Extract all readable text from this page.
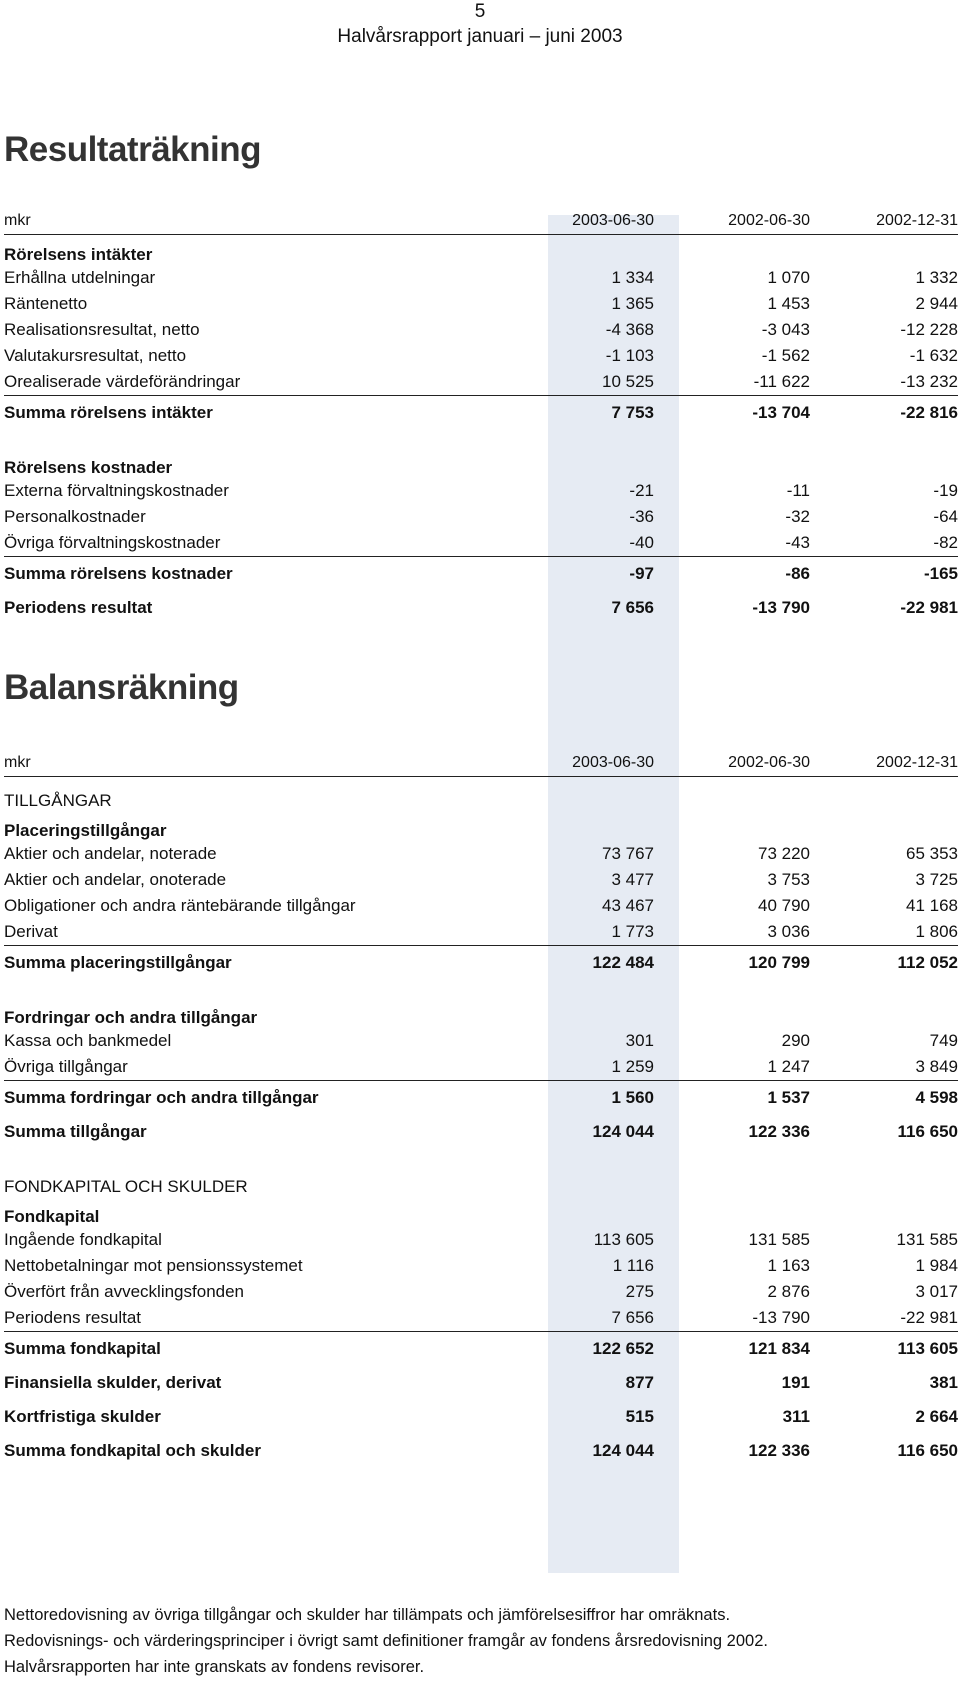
5
Halvårsrapport januari – juni 2003
Resultaträkning
mkr	2003-06-30	2002-06-30	2002-12-31
Rörelsens intäkter			
Erhållna utdelningar	1 334	1 070	1 332
Räntenetto	1 365	1 453	2 944
Realisationsresultat, netto	-4 368	-3 043	-12 228
Valutakursresultat, netto	-1 103	-1 562	-1 632
Orealiserade värdeförändringar	10 525	-11 622	-13 232
Summa rörelsens intäkter	7 753	-13 704	-22 816

Rörelsens kostnader			
Externa förvaltningskostnader	-21	-11	-19
Personalkostnader	-36	-32	-64
Övriga förvaltningskostnader	-40	-43	-82
Summa rörelsens kostnader	-97	-86	-165
Periodens resultat	7 656	-13 790	-22 981
Balansräkning
mkr	2003-06-30	2002-06-30	2002-12-31
TILLGÅNGAR			
Placeringstillgångar			
Aktier och andelar, noterade	73 767	73 220	65 353
Aktier och andelar, onoterade	3 477	3 753	3 725
Obligationer och andra räntebärande tillgångar	43 467	40 790	41 168
Derivat	1 773	3 036	1 806
Summa placeringstillgångar	122 484	120 799	112 052

Fordringar och andra tillgångar			
Kassa och bankmedel	301	290	749
Övriga tillgångar	1 259	1 247	3 849
Summa fordringar och andra tillgångar	1 560	1 537	4 598
Summa tillgångar	124 044	122 336	116 650
FONDKAPITAL OCH SKULDER			
Fondkapital			
Ingående fondkapital	113 605	131 585	131 585
Nettobetalningar mot pensionssystemet	1 116	1 163	1 984
Överfört från avvecklingsfonden	275	2 876	3 017
Periodens resultat	7 656	-13 790	-22 981
Summa fondkapital	122 652	121 834	113 605
Finansiella skulder, derivat	877	191	381
Kortfristiga skulder	515	311	2 664
Summa fondkapital och skulder	124 044	122 336	116 650

Nettoredovisning av övriga tillgångar och skulder har tillämpats och jämförelsesiffror har omräknats.

Redovisnings- och värderingsprinciper i övrigt samt definitioner framgår av fondens årsredovisning 2002.

Halvårsrapporten har inte granskats av fondens revisorer.
